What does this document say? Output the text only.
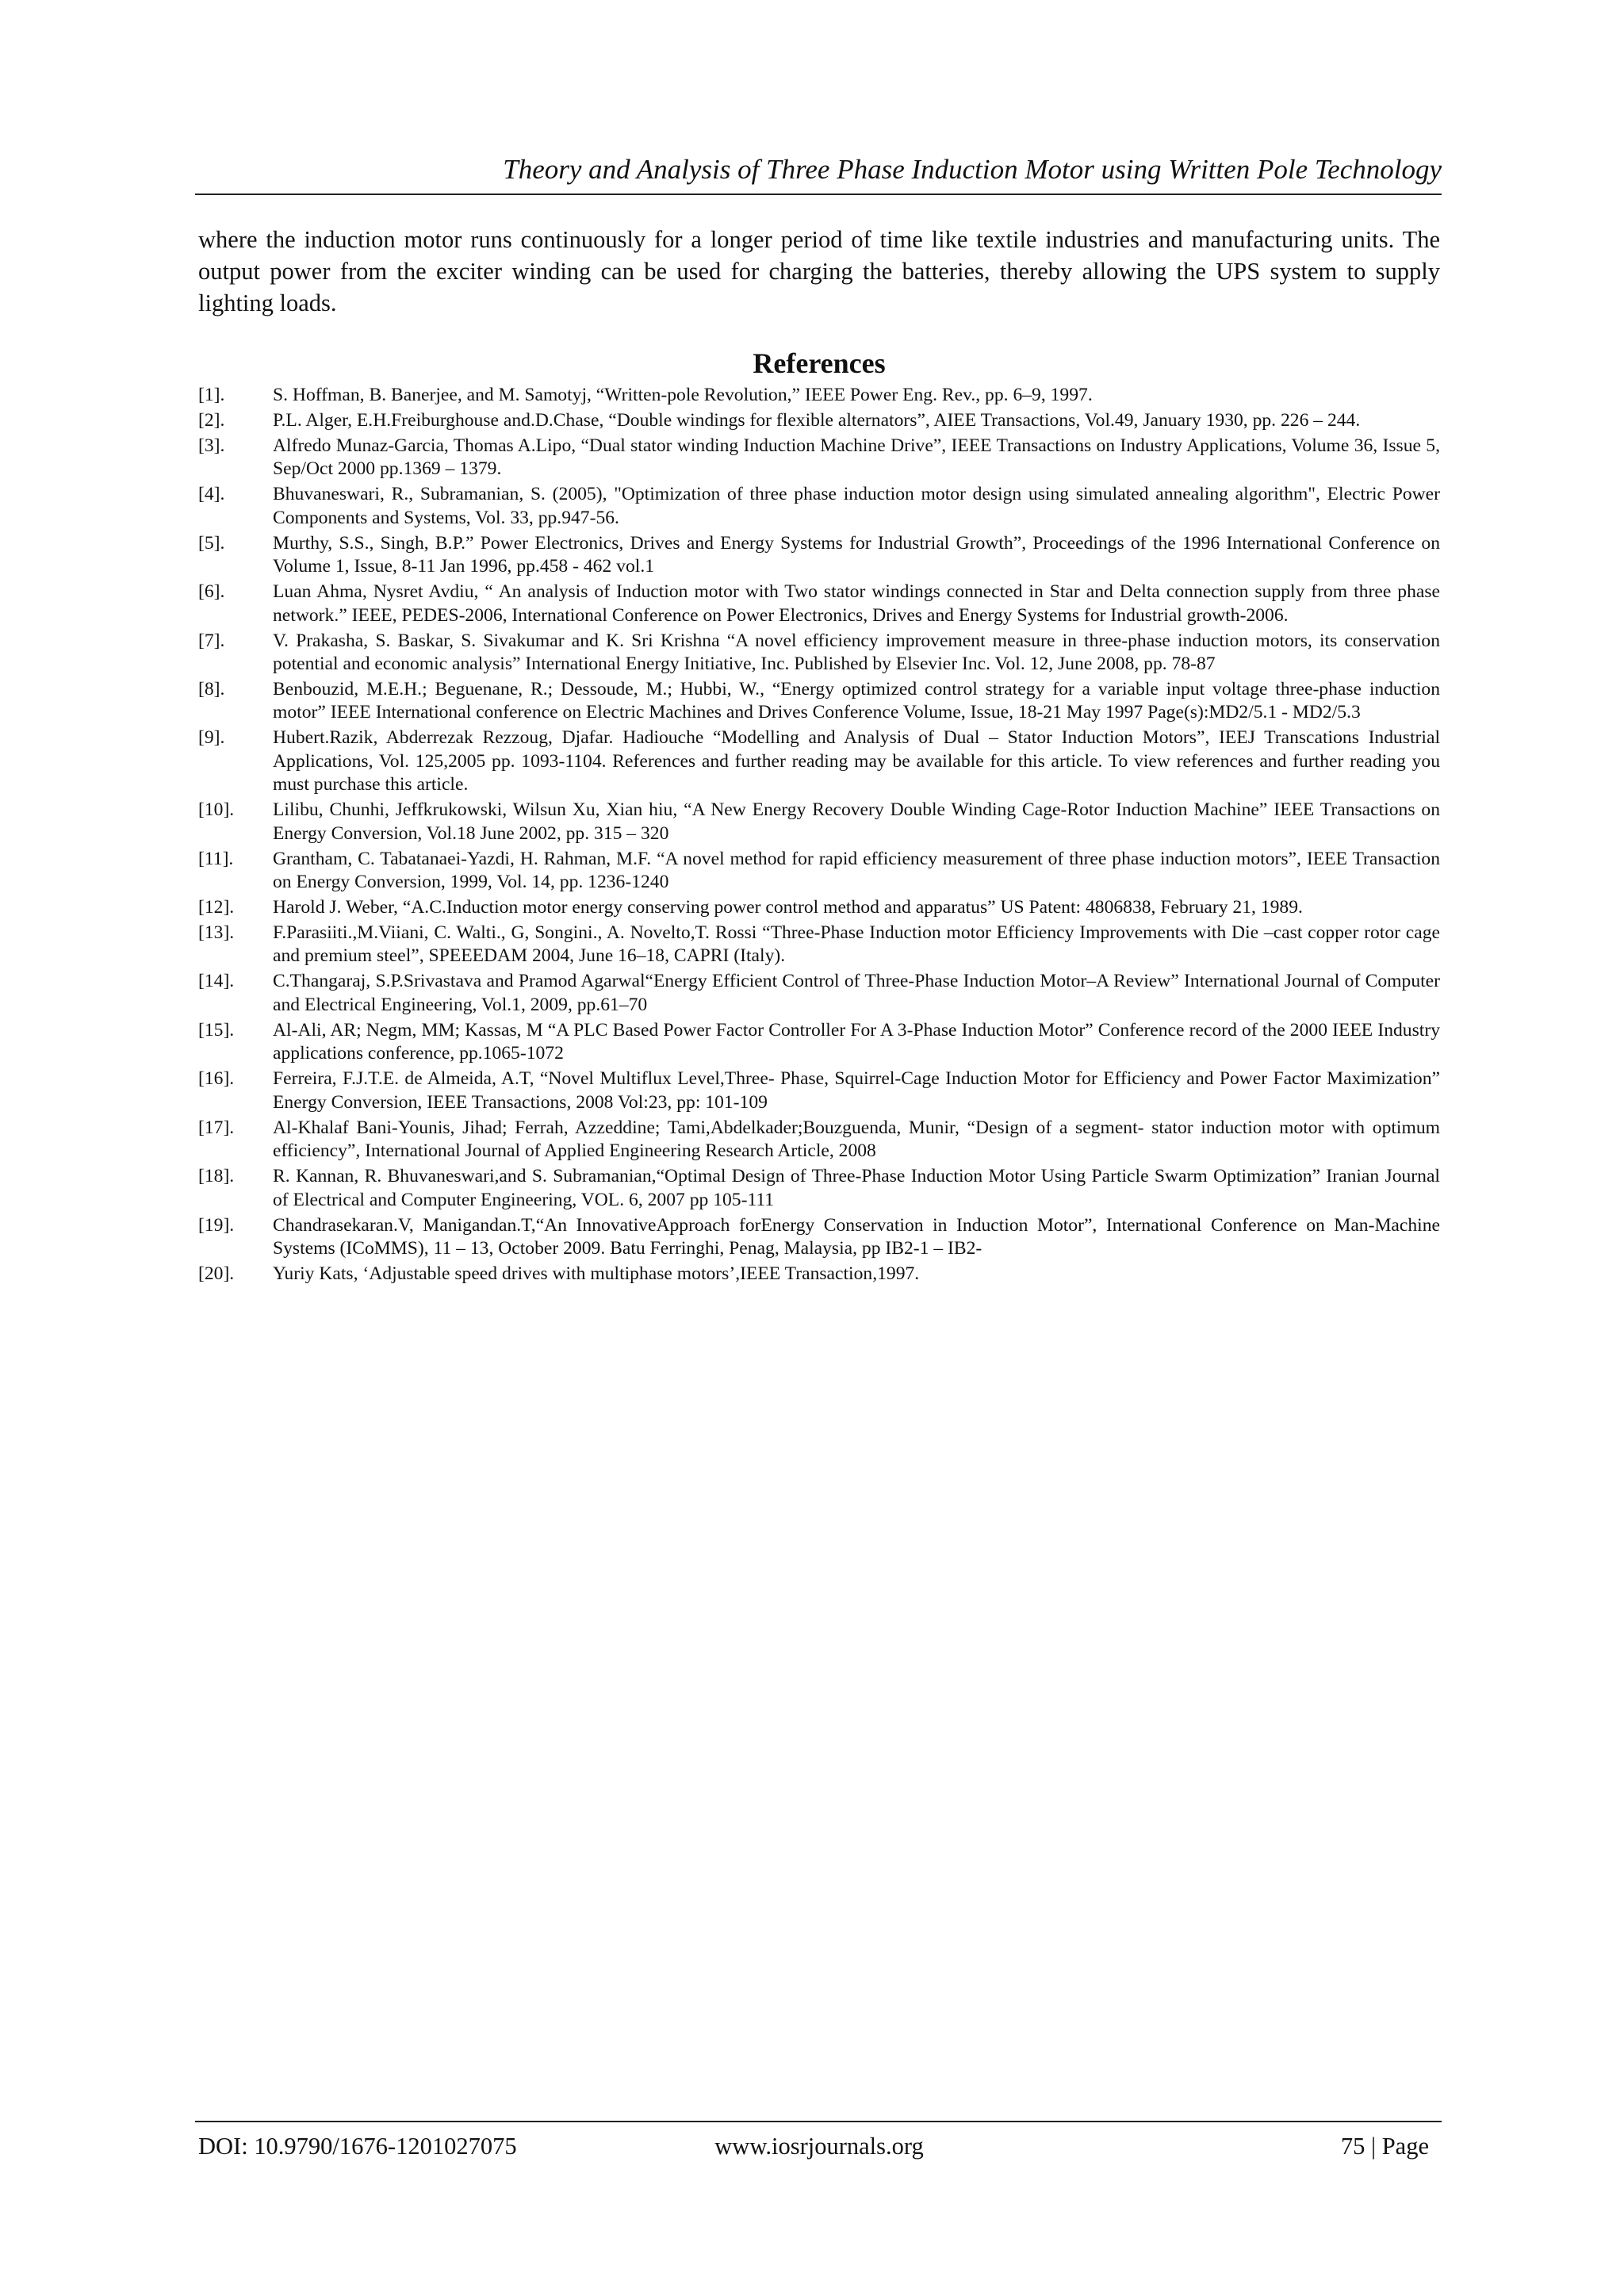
Theory and Analysis of Three Phase Induction Motor using Written Pole Technology

where the induction motor runs continuously for a longer period of time like textile industries and manufacturing units. The output power from the exciter winding can be used for charging the batteries, thereby allowing the UPS system to supply lighting loads.

References
[1].	S. Hoffman, B. Banerjee, and M. Samotyj, “Written-pole Revolution,” IEEE Power Eng. Rev., pp. 6–9, 1997.
[2].	P.L. Alger, E.H.Freiburghouse and.D.Chase, “Double windings for flexible alternators”, AIEE Transactions, Vol.49, January 1930, pp. 226 – 244.
[3].	Alfredo Munaz-Garcia, Thomas A.Lipo, “Dual stator winding Induction Machine Drive”, IEEE Transactions on Industry Applications, Volume 36, Issue 5, Sep/Oct 2000 pp.1369 – 1379.
[4].	Bhuvaneswari, R., Subramanian, S. (2005), "Optimization of three phase induction motor design using simulated annealing algorithm", Electric Power Components and Systems, Vol. 33, pp.947-56.
[5].	Murthy, S.S., Singh, B.P.” Power Electronics, Drives and Energy Systems for Industrial Growth”, Proceedings of the 1996 International Conference on Volume 1, Issue, 8-11 Jan 1996, pp.458 - 462 vol.1
[6].	Luan Ahma, Nysret Avdiu, “ An analysis of Induction motor with Two stator windings connected in Star and Delta connection supply from three phase network.” IEEE, PEDES-2006, International Conference on Power Electronics, Drives and Energy Systems for Industrial growth-2006.
[7].	V. Prakasha, S. Baskar, S. Sivakumar and K. Sri Krishna “A novel efficiency improvement measure in three-phase induction motors, its conservation potential and economic analysis” International Energy Initiative, Inc. Published by Elsevier Inc. Vol. 12, June 2008, pp. 78-87
[8].	Benbouzid, M.E.H.; Beguenane, R.; Dessoude, M.; Hubbi, W., “Energy optimized control strategy for a variable input voltage three-phase induction motor” IEEE International conference on Electric Machines and Drives Conference Volume, Issue, 18-21 May 1997 Page(s):MD2/5.1 - MD2/5.3
[9].	Hubert.Razik, Abderrezak Rezzoug, Djafar. Hadiouche “Modelling and Analysis of Dual – Stator Induction Motors”, IEEJ Transcations Industrial Applications, Vol. 125,2005 pp. 1093-1104. References and further reading may be available for this article. To view references and further reading you must purchase this article.
[10].	Lilibu, Chunhi, Jeffkrukowski, Wilsun Xu, Xian hiu, “A New Energy Recovery Double Winding Cage-Rotor Induction Machine” IEEE Transactions on Energy Conversion, Vol.18 June 2002, pp. 315 – 320
[11].	Grantham, C. Tabatanaei-Yazdi, H. Rahman, M.F. “A novel method for rapid efficiency measurement of three phase induction motors”, IEEE Transaction on Energy Conversion, 1999, Vol. 14, pp. 1236-1240
[12].	Harold J. Weber, “A.C.Induction motor energy conserving power control method and apparatus” US Patent: 4806838, February 21, 1989.
[13].	F.Parasiiti.,M.Viiani, C. Walti., G, Songini., A. Novelto,T. Rossi “Three-Phase Induction motor Efficiency Improvements with Die –cast copper rotor cage and premium steel”, SPEEEDAM 2004, June 16–18, CAPRI (Italy).
[14].	C.Thangaraj, S.P.Srivastava and Pramod Agarwal“Energy Efficient Control of Three-Phase Induction Motor–A Review” International Journal of Computer and Electrical Engineering, Vol.1, 2009, pp.61–70
[15].	Al-Ali, AR; Negm, MM; Kassas, M “A PLC Based Power Factor Controller For A 3-Phase Induction Motor” Conference record of the 2000 IEEE Industry applications conference, pp.1065-1072
[16].	Ferreira, F.J.T.E. de Almeida, A.T, “Novel Multiflux Level,Three- Phase, Squirrel-Cage Induction Motor for Efficiency and Power Factor Maximization” Energy Conversion, IEEE Transactions, 2008 Vol:23, pp: 101-109
[17].	Al-Khalaf Bani-Younis, Jihad; Ferrah, Azzeddine; Tami,Abdelkader;Bouzguenda, Munir, “Design of a segment- stator induction motor with optimum efficiency”, International Journal of Applied Engineering Research Article, 2008
[18].	R. Kannan, R. Bhuvaneswari,and S. Subramanian,“Optimal Design of Three-Phase Induction Motor Using Particle Swarm Optimization” Iranian Journal of Electrical and Computer Engineering, VOL. 6, 2007 pp 105-111
[19].	Chandrasekaran.V, Manigandan.T,“An InnovativeApproach forEnergy Conservation in Induction Motor”, International Conference on Man-Machine Systems (ICoMMS), 11 – 13, October 2009. Batu Ferringhi, Penag, Malaysia, pp IB2-1 – IB2-
[20].	Yuriy Kats, ‘Adjustable speed drives with multiphase motors’,IEEE Transaction,1997.
DOI: 10.9790/1676-1201027075	www.iosrjournals.org	75 | Page
